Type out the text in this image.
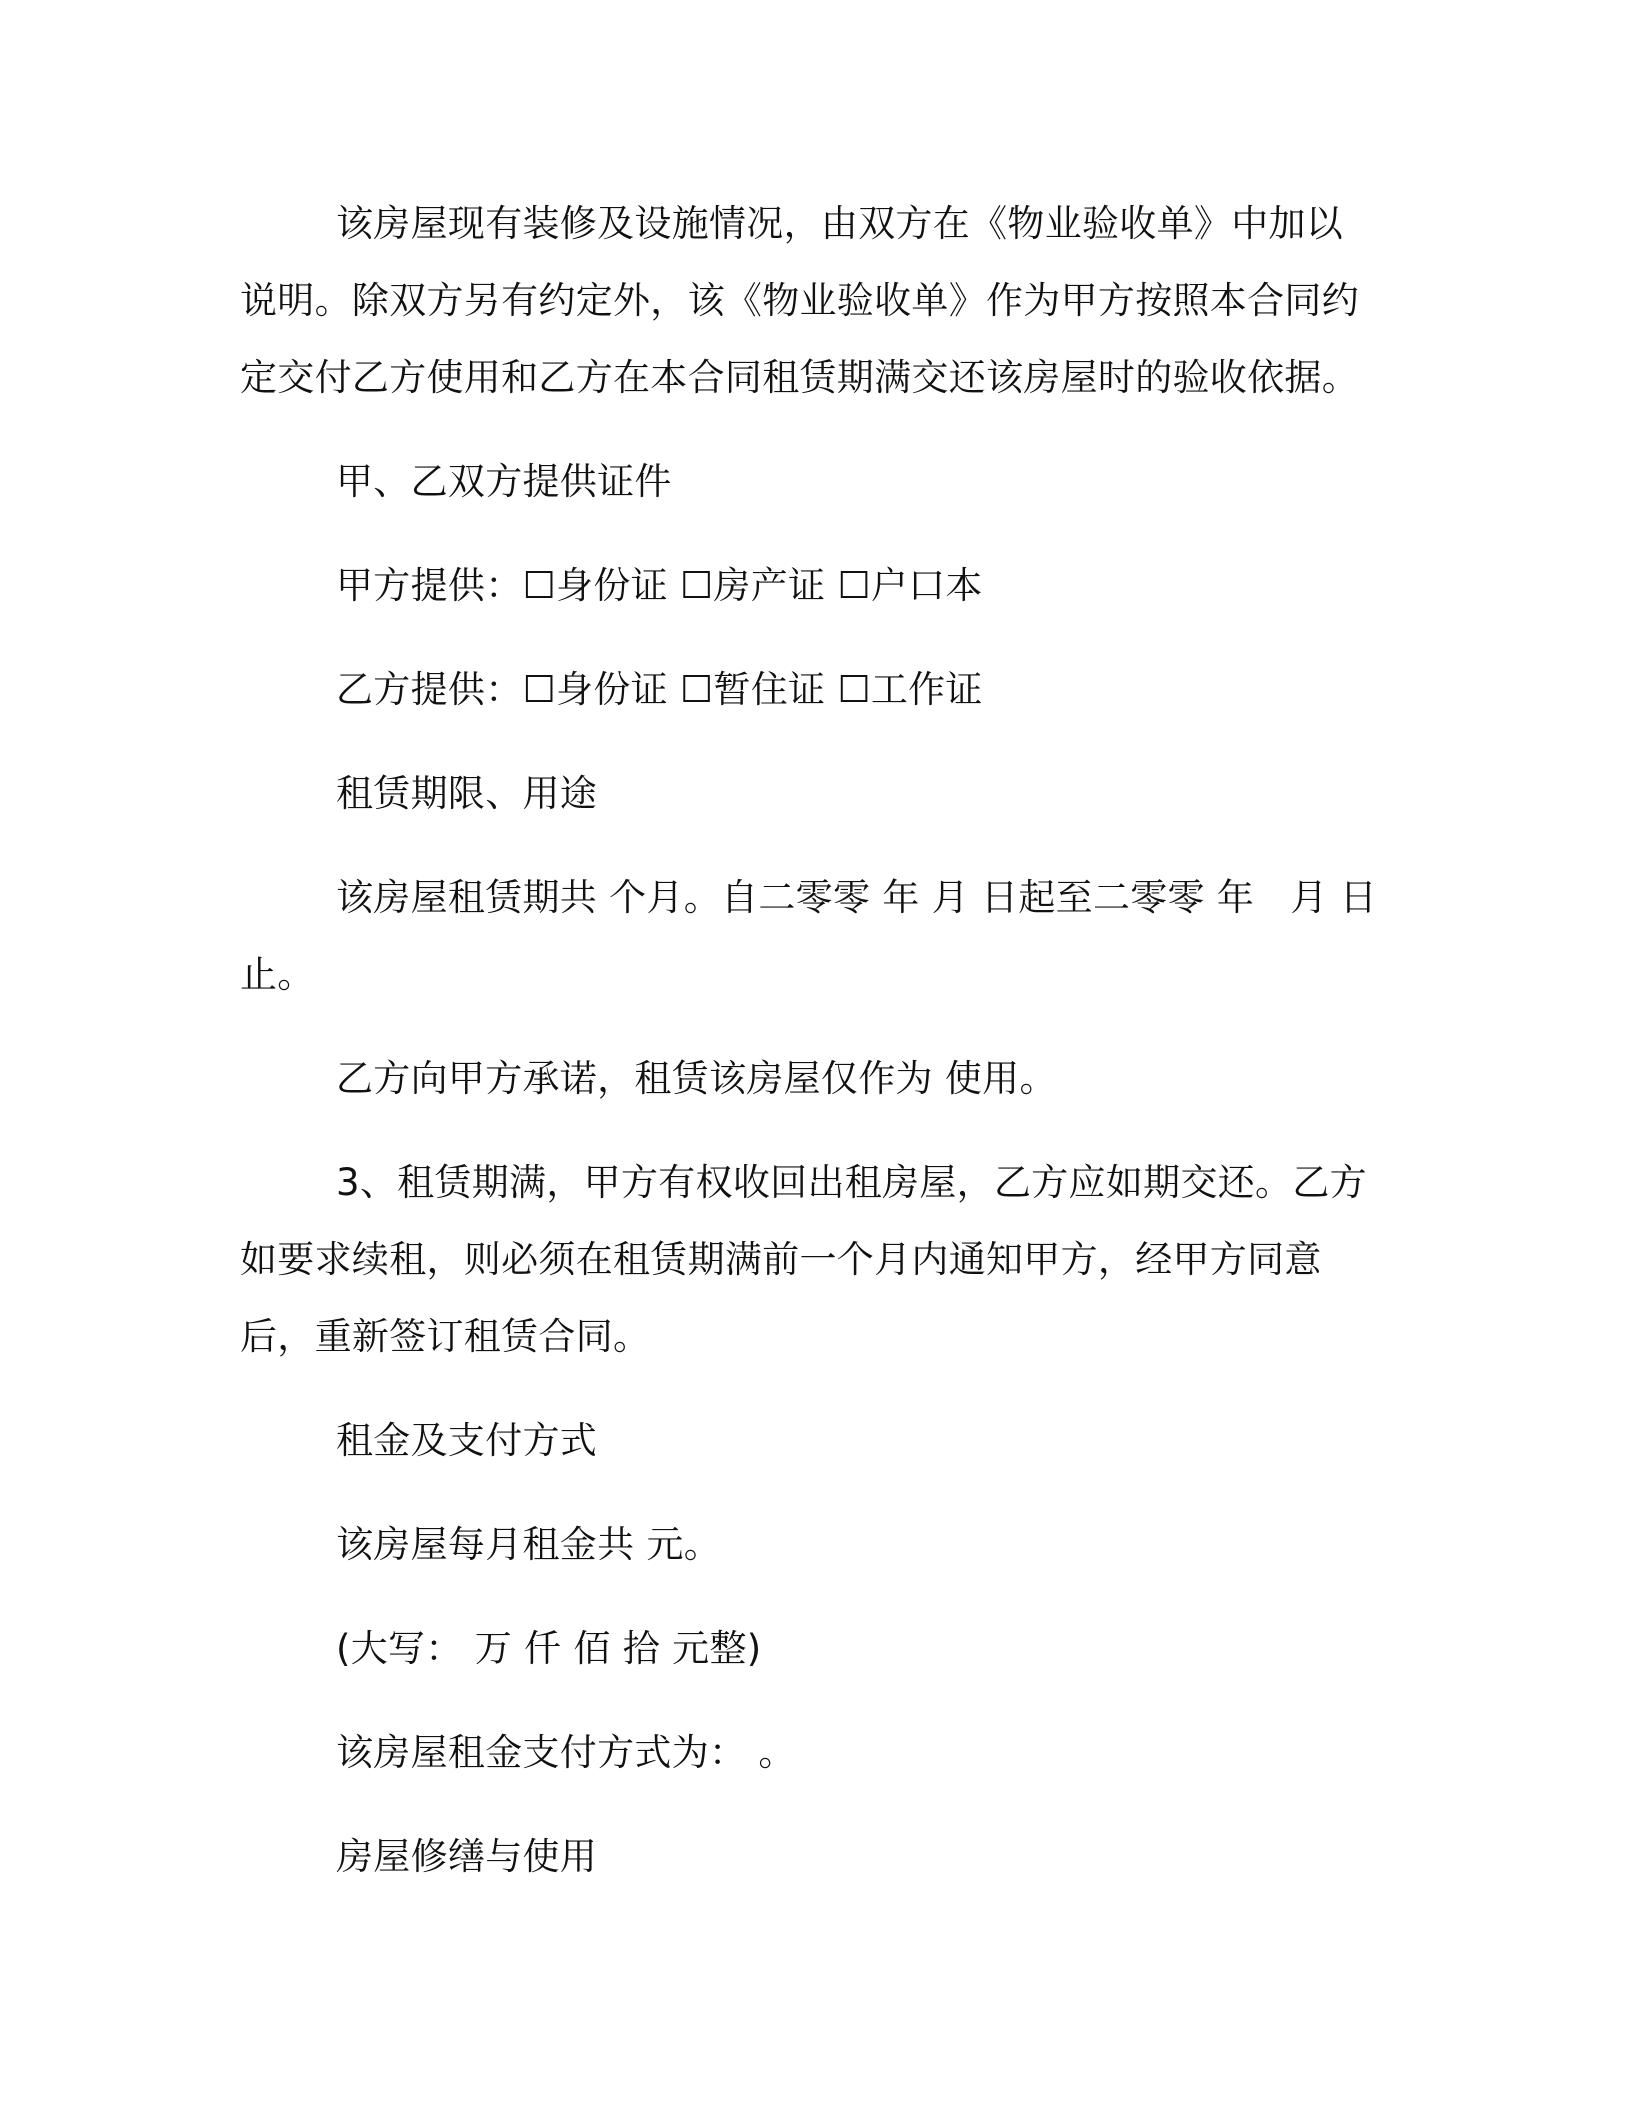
该房屋现有装修及设施情况，由双方在《物业验收单》中加以说明。除双方另有约定外，该《物业验收单》作为甲方按照本合同约定交付乙方使用和乙方在本合同租赁期满交还该房屋时的验收依据。

甲、乙双方提供证件

甲方提供：☐身份证 ☐房产证 ☐户口本

乙方提供：☐身份证 ☐暂住证 ☐工作证

租赁期限、用途

该房屋租赁期共 个月。自二零零 年 月 日起至二零零 年   月 日止。

乙方向甲方承诺，租赁该房屋仅作为 使用。

3、租赁期满，甲方有权收回出租房屋，乙方应如期交还。乙方如要求续租，则必须在租赁期满前一个月内通知甲方，经甲方同意后，重新签订租赁合同。

租金及支付方式

该房屋每月租金共 元。

(大写： 万 仟 佰 拾 元整)

该房屋租金支付方式为： 。

房屋修缮与使用
